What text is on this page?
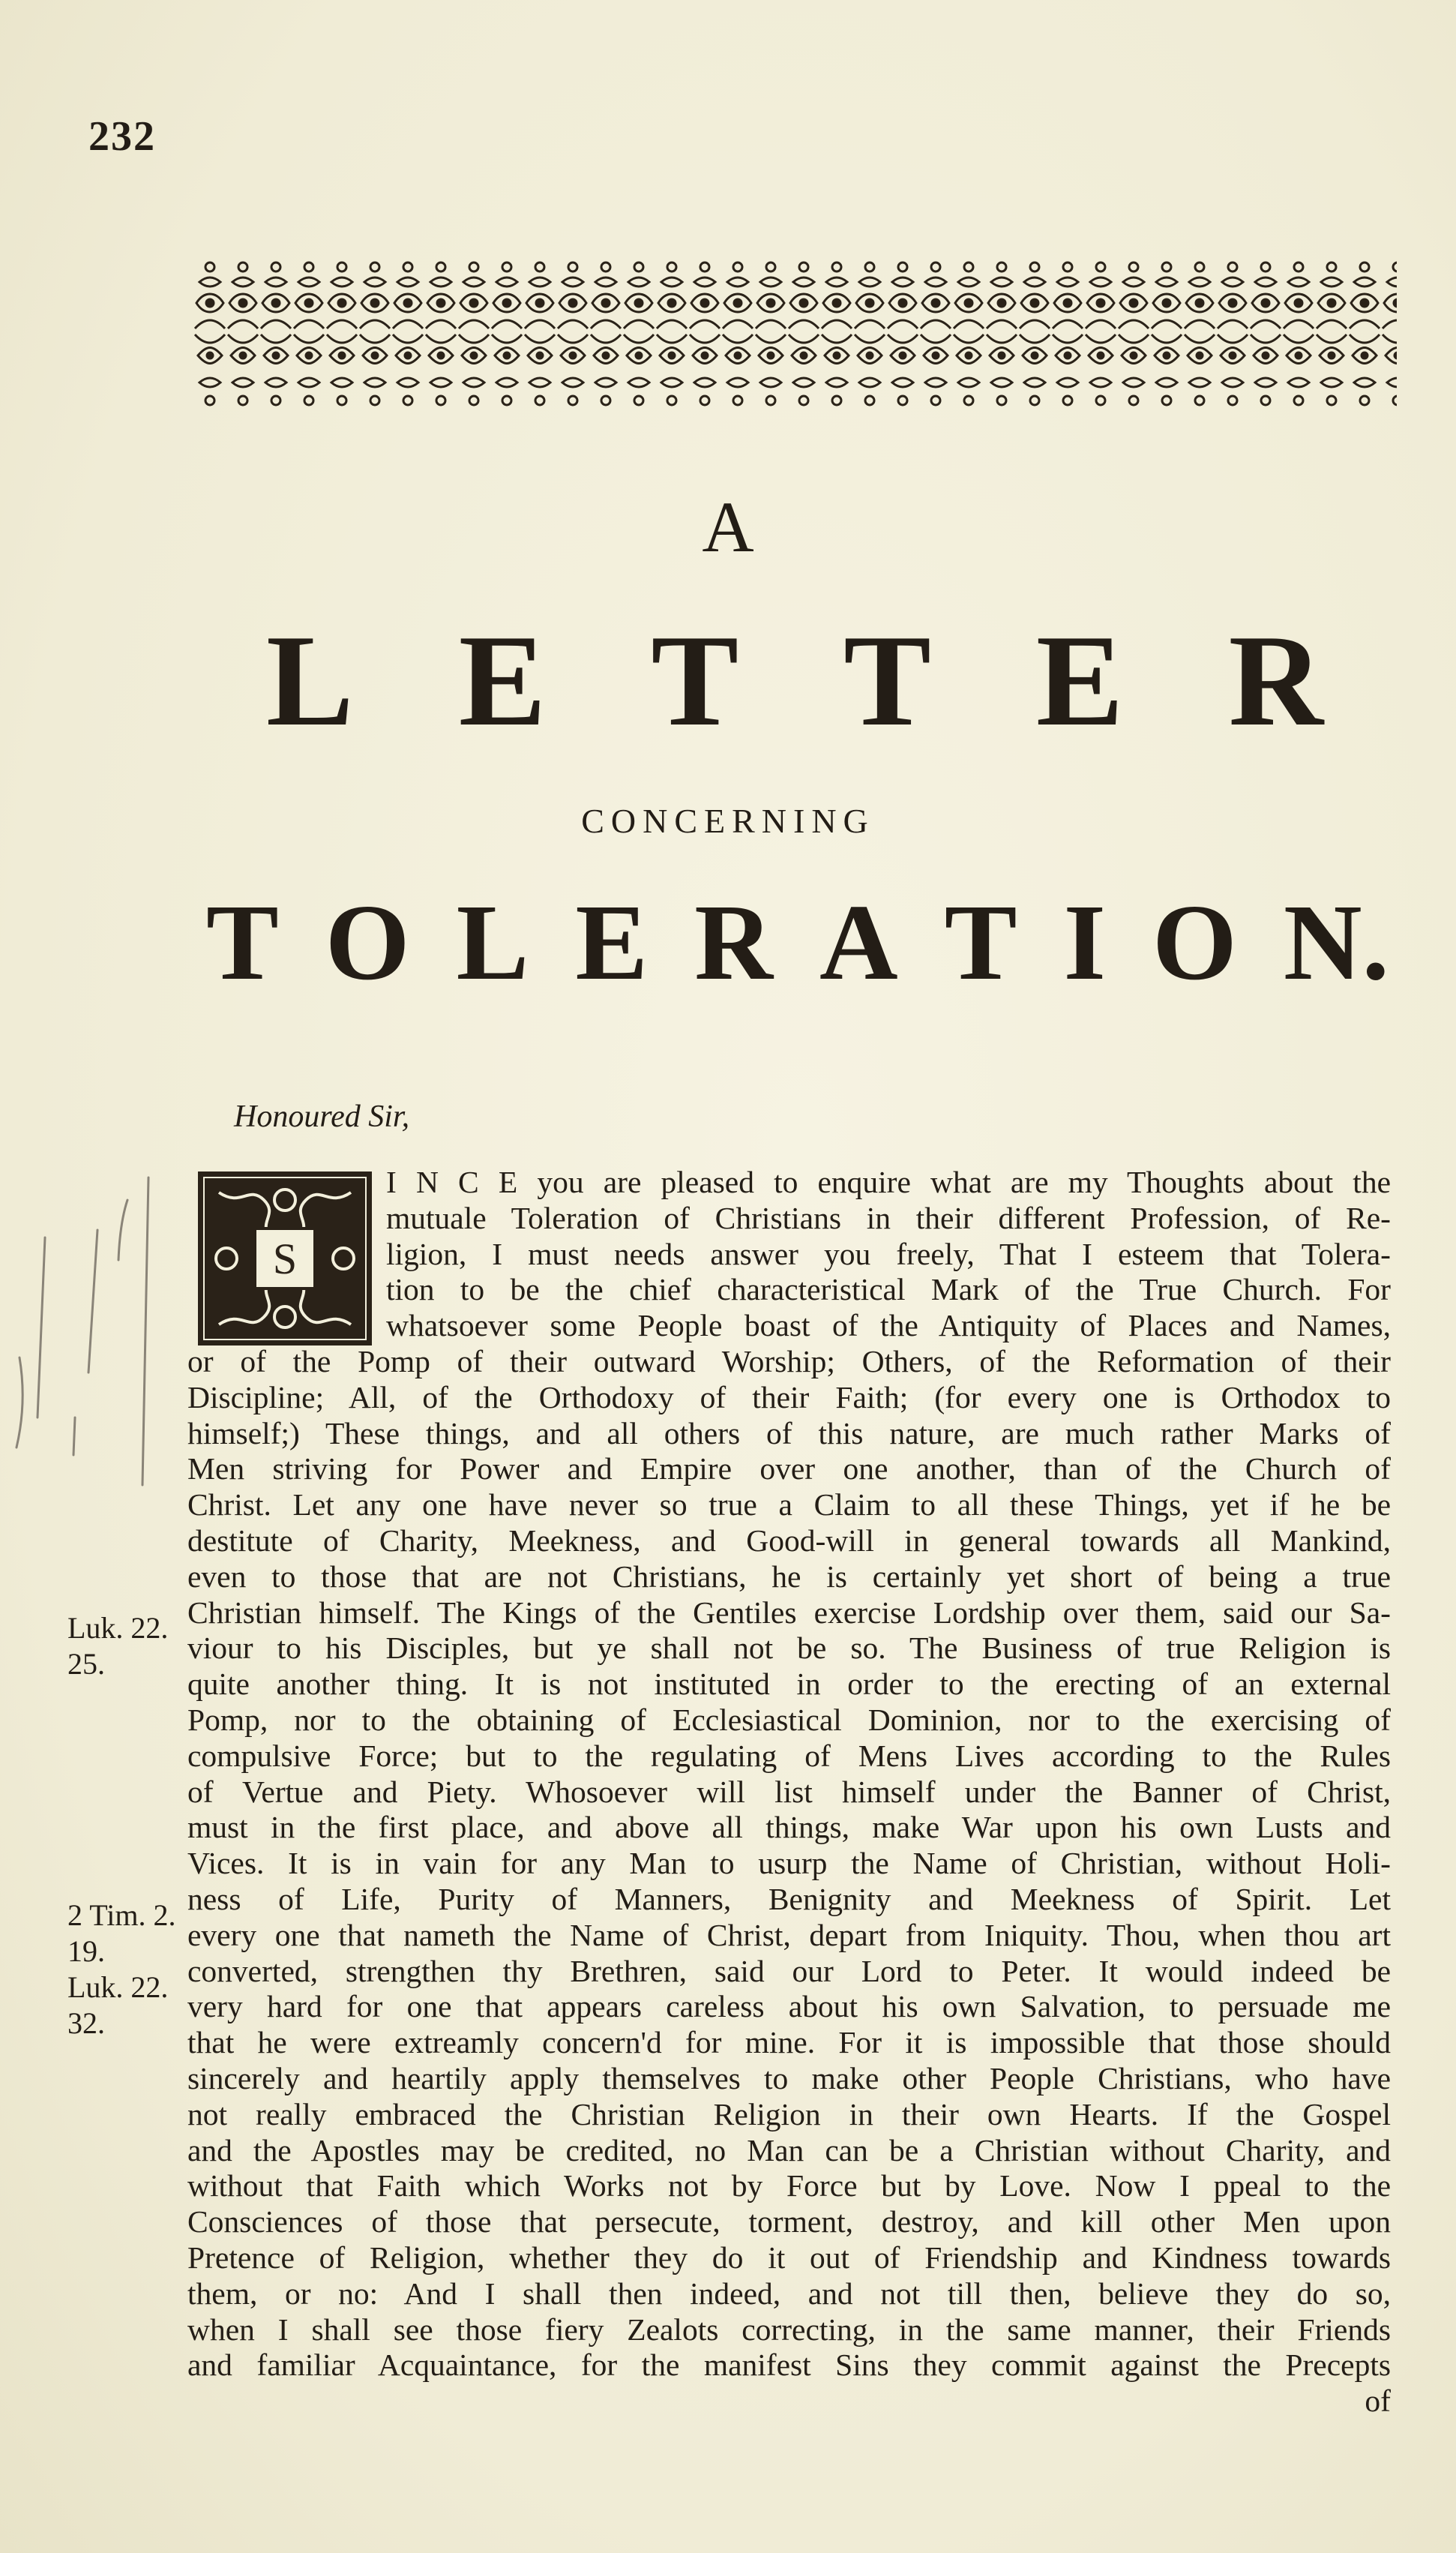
232
A
L E T T E R
CONCERNING
T O L E R A T I O N.
Honoured Sir,
S
Luk. 22.
25.
2 Tim. 2.
19.
Luk. 22.
32.
I N C E you are pleased to enquire what are my Thoughts about the
mutuale Toleration of Christians in their different Profession, of Re-
ligion, I must needs answer you freely, That I esteem that Tolera-
tion to be the chief characteristical Mark of the True Church. For
whatsoever some People boast of the Antiquity of Places and Names,
or of the Pomp of their outward Worship; Others, of the Reformation of their
Discipline; All, of the Orthodoxy of their Faith; (for every one is Orthodox to
himself;) These things, and all others of this nature, are much rather Marks of
Men striving for Power and Empire over one another, than of the Church of
Christ. Let any one have never so true a Claim to all these Things, yet if he be
destitute of Charity, Meekness, and Good-will in general towards all Mankind,
even to those that are not Christians, he is certainly yet short of being a true
Christian himself. The Kings of the Gentiles exercise Lordship over them, said our Sa-
viour to his Disciples, but ye shall not be so. The Business of true Religion is
quite another thing. It is not instituted in order to the erecting of an external
Pomp, nor to the obtaining of Ecclesiastical Dominion, nor to the exercising of
compulsive Force; but to the regulating of Mens Lives according to the Rules
of Vertue and Piety. Whosoever will list himself under the Banner of Christ,
must in the first place, and above all things, make War upon his own Lusts and
Vices. It is in vain for any Man to usurp the Name of Christian, without Holi-
ness of Life, Purity of Manners, Benignity and Meekness of Spirit. Let
every one that nameth the Name of Christ, depart from Iniquity. Thou, when thou art
converted, strengthen thy Brethren, said our Lord to Peter. It would indeed be
very hard for one that appears careless about his own Salvation, to persuade me
that he were extreamly concern'd for mine. For it is impossible that those should
sincerely and heartily apply themselves to make other People Christians, who have
not really embraced the Christian Religion in their own Hearts. If the Gospel
and the Apostles may be credited, no Man can be a Christian without Charity, and
without that Faith which Works not by Force but by Love. Now I ppeal to the
Consciences of those that persecute, torment, destroy, and kill other Men upon
Pretence of Religion, whether they do it out of Friendship and Kindness towards
them, or no: And I shall then indeed, and not till then, believe they do so,
when I shall see those fiery Zealots correcting, in the same manner, their Friends
and familiar Acquaintance, for the manifest Sins they commit against the Precepts
of
